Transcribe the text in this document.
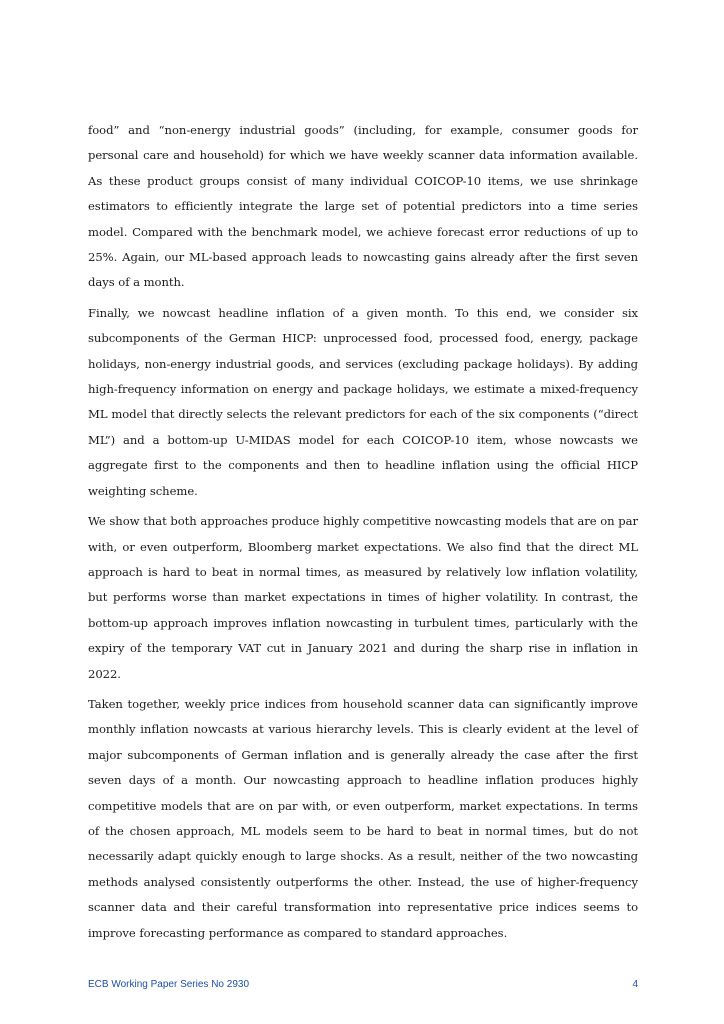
food” and “non-energy industrial goods” (including, for example, consumer goods for personal care and household) for which we have weekly scanner data information available. As these product groups consist of many individual COICOP-10 items, we use shrinkage estimators to efficiently integrate the large set of potential predictors into a time series model. Compared with the benchmark model, we achieve forecast error reductions of up to 25%. Again, our ML-based approach leads to nowcasting gains already after the first seven days of a month.

Finally, we nowcast headline inflation of a given month. To this end, we consider six subcomponents of the German HICP: unprocessed food, processed food, energy, package holidays, non-energy industrial goods, and services (excluding package holidays). By adding high-frequency information on energy and package holidays, we estimate a mixed-frequency ML model that directly selects the relevant predictors for each of the six components (“direct ML”) and a bottom-up U-MIDAS model for each COICOP-10 item, whose nowcasts we aggregate first to the components and then to headline inflation using the official HICP weighting scheme.

We show that both approaches produce highly competitive nowcasting models that are on par with, or even outperform, Bloomberg market expectations. We also find that the direct ML approach is hard to beat in normal times, as measured by relatively low inflation volatility, but performs worse than market expectations in times of higher volatility. In contrast, the bottom-up approach improves inflation nowcasting in turbulent times, particularly with the expiry of the temporary VAT cut in January 2021 and during the sharp rise in inflation in 2022.

Taken together, weekly price indices from household scanner data can significantly improve monthly inflation nowcasts at various hierarchy levels. This is clearly evident at the level of major subcomponents of German inflation and is generally already the case after the first seven days of a month. Our nowcasting approach to headline inflation produces highly competitive models that are on par with, or even outperform, market expectations. In terms of the chosen approach, ML models seem to be hard to beat in normal times, but do not necessarily adapt quickly enough to large shocks. As a result, neither of the two nowcasting methods analysed consistently outperforms the other. Instead, the use of higher-frequency scanner data and their careful transformation into representative price indices seems to improve forecasting performance as compared to standard approaches.

ECB Working Paper Series No 2930	4
